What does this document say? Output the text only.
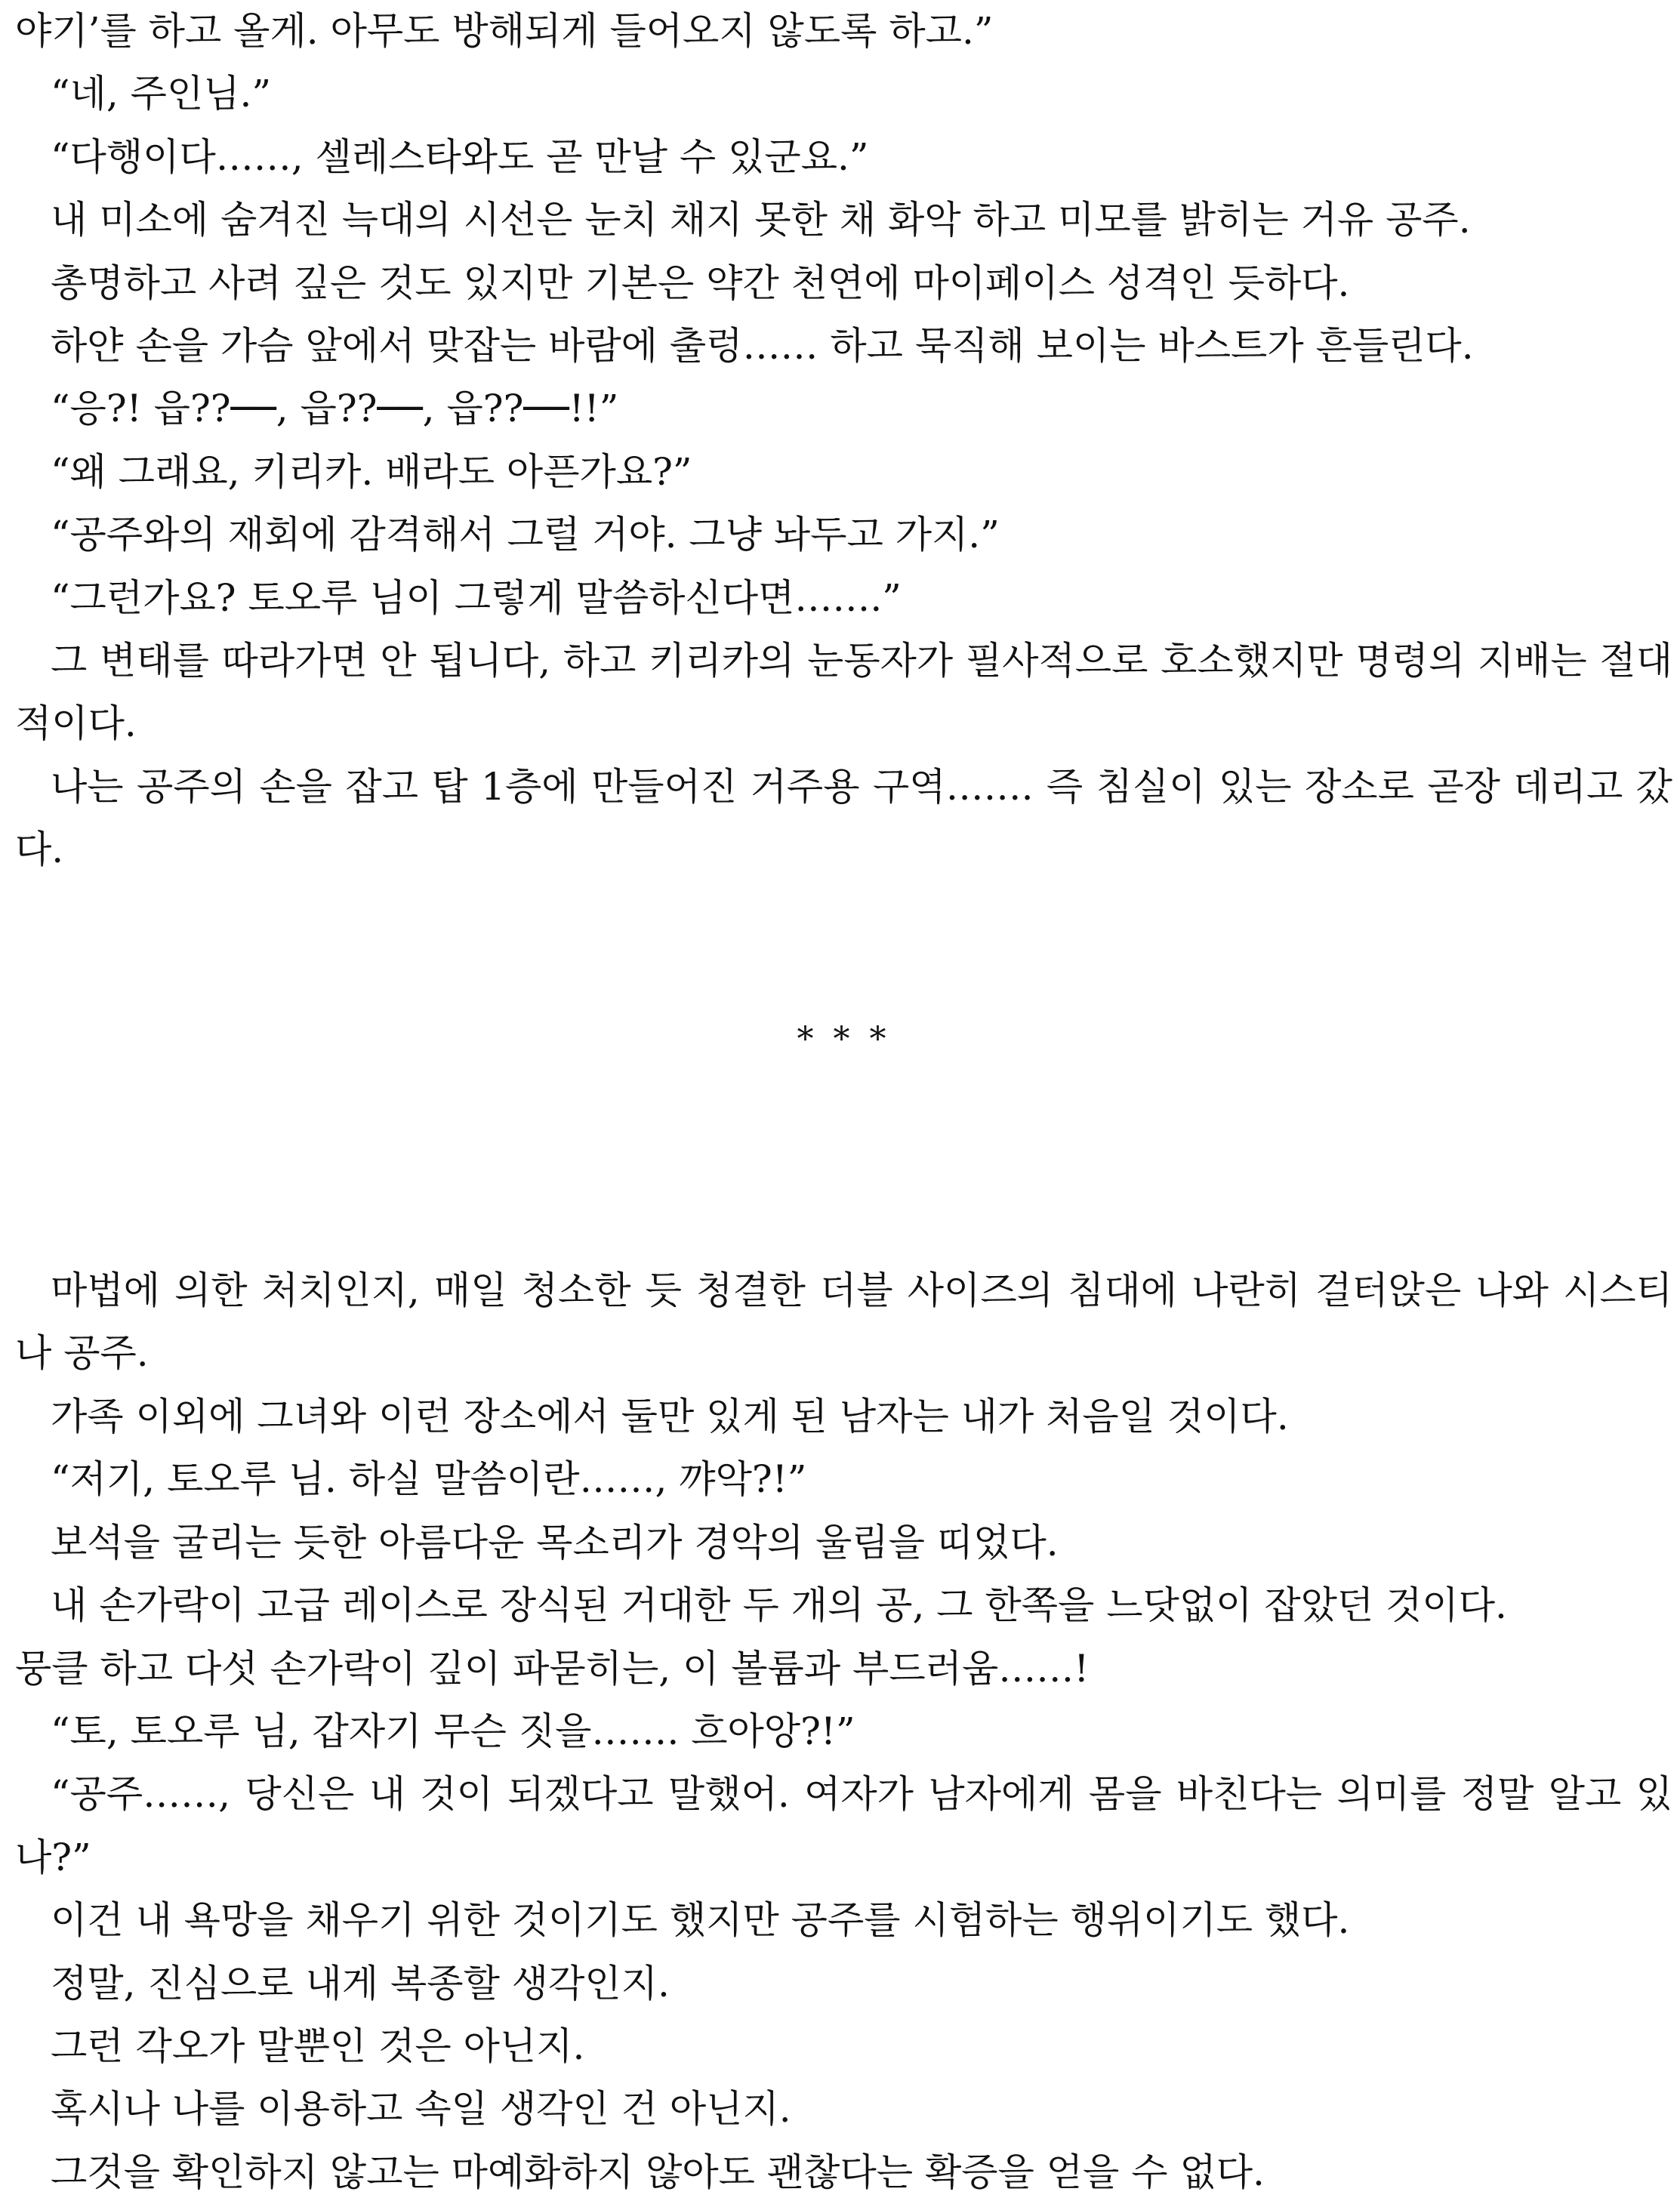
야기’를 하고 올게. 아무도 방해되게 들어오지 않도록 하고.”

“네, 주인님.”

“다행이다……, 셀레스타와도 곧 만날 수 있군요.”

내 미소에 숨겨진 늑대의 시선은 눈치 채지 못한 채 화악 하고 미모를 밝히는 거유 공주.

총명하고 사려 깊은 것도 있지만 기본은 약간 천연에 마이페이스 성격인 듯하다.

하얀 손을 가슴 앞에서 맞잡는 바람에 출렁…… 하고 묵직해 보이는 바스트가 흔들린다.

“응?! 읍??──, 읍??──, 읍??──!!”

“왜 그래요, 키리카. 배라도 아픈가요?”

“공주와의 재회에 감격해서 그럴 거야. 그냥 놔두고 가지.”

“그런가요? 토오루 님이 그렇게 말씀하신다면…….”

그 변태를 따라가면 안 됩니다, 하고 키리카의 눈동자가 필사적으로 호소했지만 명령의 지배는 절대적이다.

나는 공주의 손을 잡고 탑 1층에 만들어진 거주용 구역……. 즉 침실이 있는 장소로 곧장 데리고 갔다.

* * *

마법에 의한 처치인지, 매일 청소한 듯 청결한 더블 사이즈의 침대에 나란히 걸터앉은 나와 시스티나 공주.

가족 이외에 그녀와 이런 장소에서 둘만 있게 된 남자는 내가 처음일 것이다.

“저기, 토오루 님. 하실 말씀이란……, 꺄악?!”

보석을 굴리는 듯한 아름다운 목소리가 경악의 울림을 띠었다.

내 손가락이 고급 레이스로 장식된 거대한 두 개의 공, 그 한쪽을 느닷없이 잡았던 것이다.

뭉클 하고 다섯 손가락이 깊이 파묻히는, 이 볼륨과 부드러움……!

“토, 토오루 님, 갑자기 무슨 짓을……. 흐아앙?!”

“공주……, 당신은 내 것이 되겠다고 말했어. 여자가 남자에게 몸을 바친다는 의미를 정말 알고 있나?”

이건 내 욕망을 채우기 위한 것이기도 했지만 공주를 시험하는 행위이기도 했다.

정말, 진심으로 내게 복종할 생각인지.

그런 각오가 말뿐인 것은 아닌지.

혹시나 나를 이용하고 속일 생각인 건 아닌지.

그것을 확인하지 않고는 마예화하지 않아도 괜찮다는 확증을 얻을 수 없다.
